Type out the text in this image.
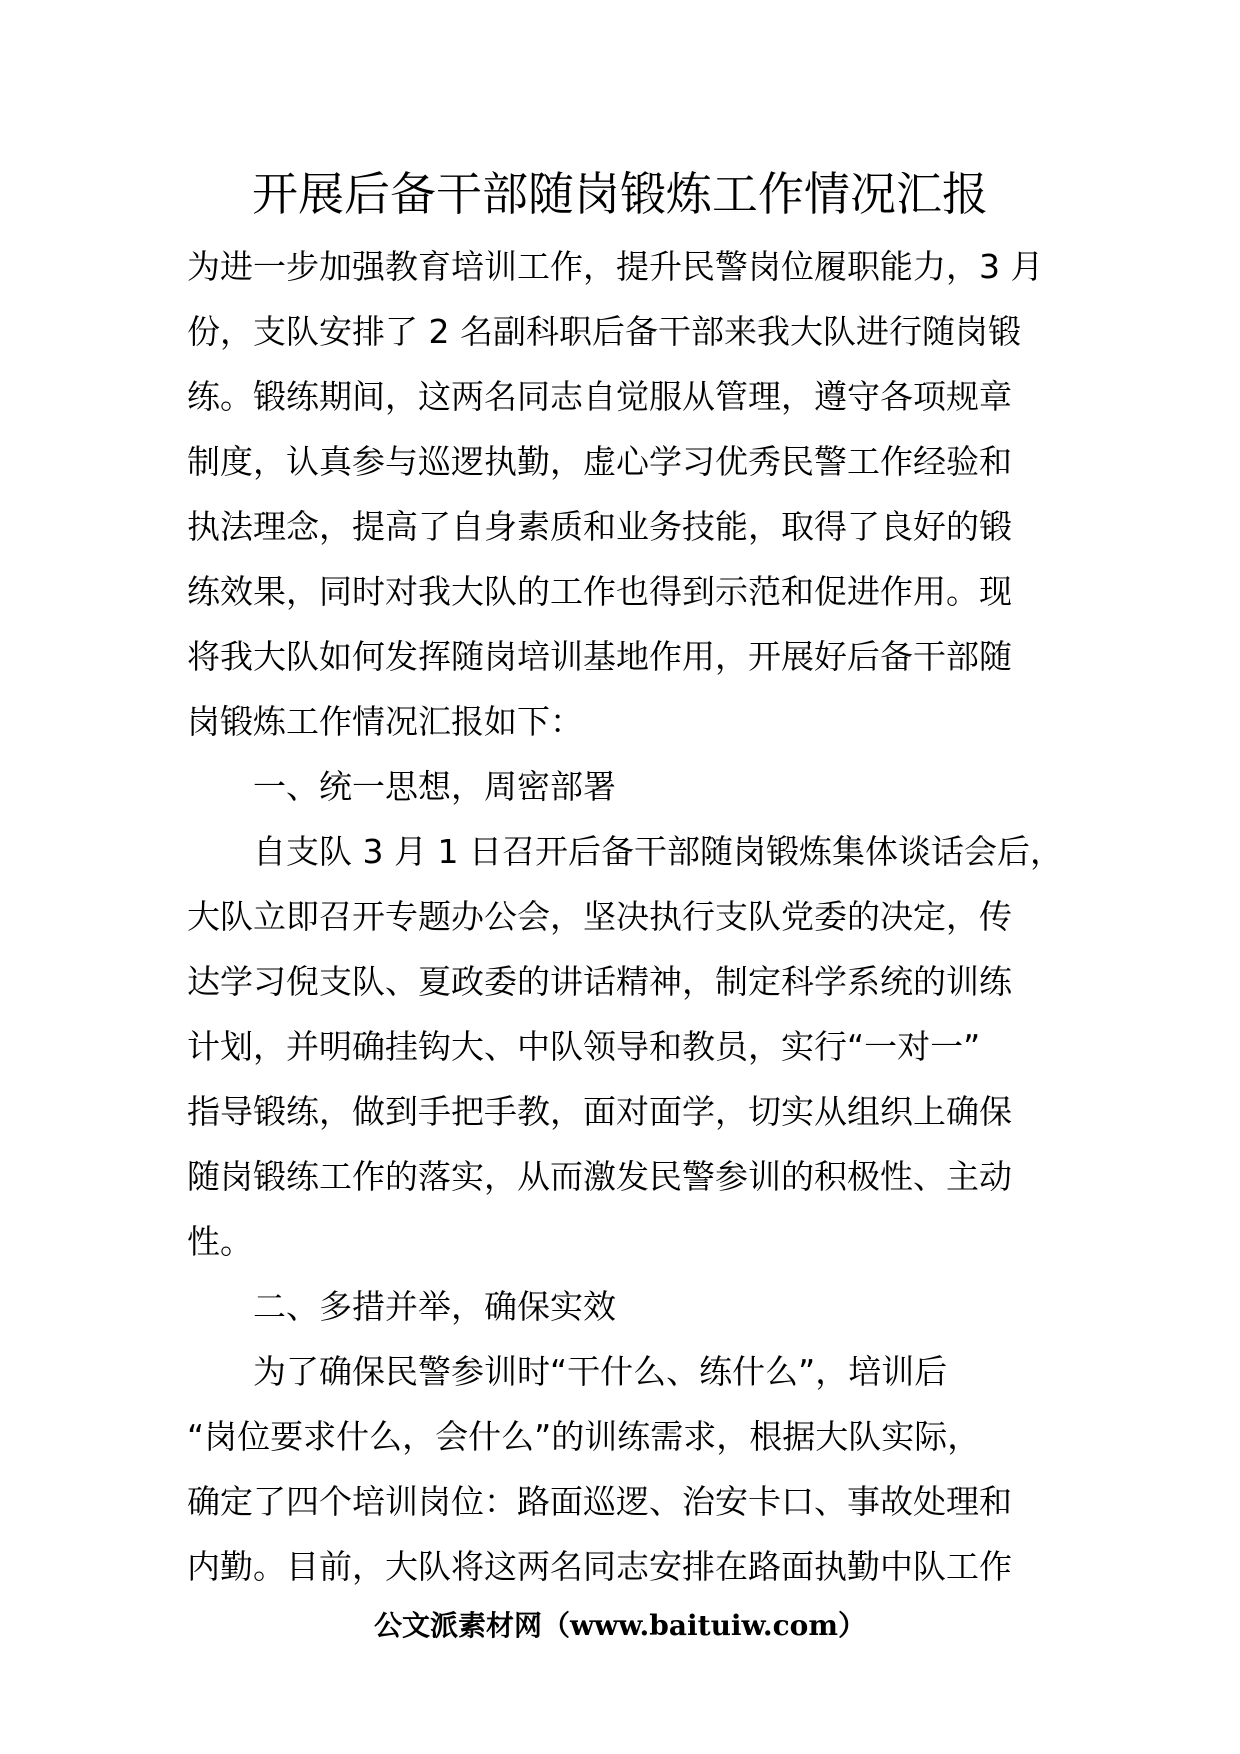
开展后备干部随岗锻炼工作情况汇报
为进一步加强教育培训工作，提升民警岗位履职能力，3 月
份，支队安排了 2 名副科职后备干部来我大队进行随岗锻
练。锻练期间，这两名同志自觉服从管理，遵守各项规章
制度，认真参与巡逻执勤，虚心学习优秀民警工作经验和
执法理念，提高了自身素质和业务技能，取得了良好的锻
练效果，同时对我大队的工作也得到示范和促进作用。现
将我大队如何发挥随岗培训基地作用，开展好后备干部随
岗锻炼工作情况汇报如下：
　　一、统一思想，周密部署
　　自支队 3 月 1 日召开后备干部随岗锻炼集体谈话会后，
大队立即召开专题办公会，坚决执行支队党委的决定，传
达学习倪支队、夏政委的讲话精神，制定科学系统的训练
计划，并明确挂钩大、中队领导和教员，实行“一对一”
指导锻练，做到手把手教，面对面学，切实从组织上确保
随岗锻练工作的落实，从而激发民警参训的积极性、主动
性。
　　二、多措并举，确保实效
　　为了确保民警参训时“干什么、练什么”，培训后
“岗位要求什么，会什么”的训练需求，根据大队实际，
确定了四个培训岗位：路面巡逻、治安卡口、事故处理和
内勤。目前，大队将这两名同志安排在路面执勤中队工作
公文派素材网（www.baituiw.com）
